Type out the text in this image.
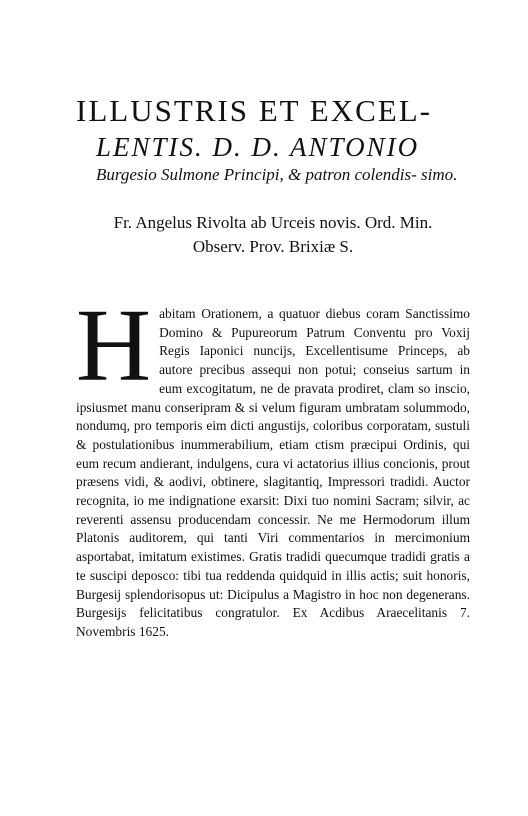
ILLUSTRIS ET EXCEL-
LENTIS. D. D. ANTONIO
Burgesio Sulmone Principi, & patron colendis- simo.
Fr. Angelus Rivolta ab Urceis novis. Ord. Min.
Observ. Prov. Brixiæ S.
H abitam Orationem, a quatuor diebus coram Sanctissimo Domino & Pupureorum Patrum Conventu pro Voxij Regis Iaponici nuncijs, Excellentisume Princeps, ab autore precibus assequi non potui; conseius sartum in eum excogitatum, ne de pravata prodiret, clam so inscio, ipsiusmet manu conseripram & si velum figuram umbratam solummodo, nondumq, pro temporis eim dicti angustijs, coloribus corporatam, sustuli & postulationibus inummerabilium, etiam ctism præcipui Ordinis, qui eum recum andierant, indulgens, cura vi actatorius illius concionis, prout præsens vidi, & aodivi, obtinere, slagitantiq, Impressori tradidi. Auctor recognita, io me indignatione exarsit: Dixi tuo nomini Sacram; silvir, ac reverenti assensu producendam concessir. Ne me Hermodorum illum Platonis auditorem, qui tanti Viri commentarios in mercimonium asportabat, imitatum existimes. Gratis tradidi quecumque tradidi gratis a te suscipi deposco: tibi tua reddenda quidquid in illis actis; suit honoris, Burgesij splendorisopus ut: Dicipulus a Magistro in hoc non degenerans. Burgesijs felicitatibus congratulor. Ex Acdibus Araecelitanis 7. Novembris 1625.
